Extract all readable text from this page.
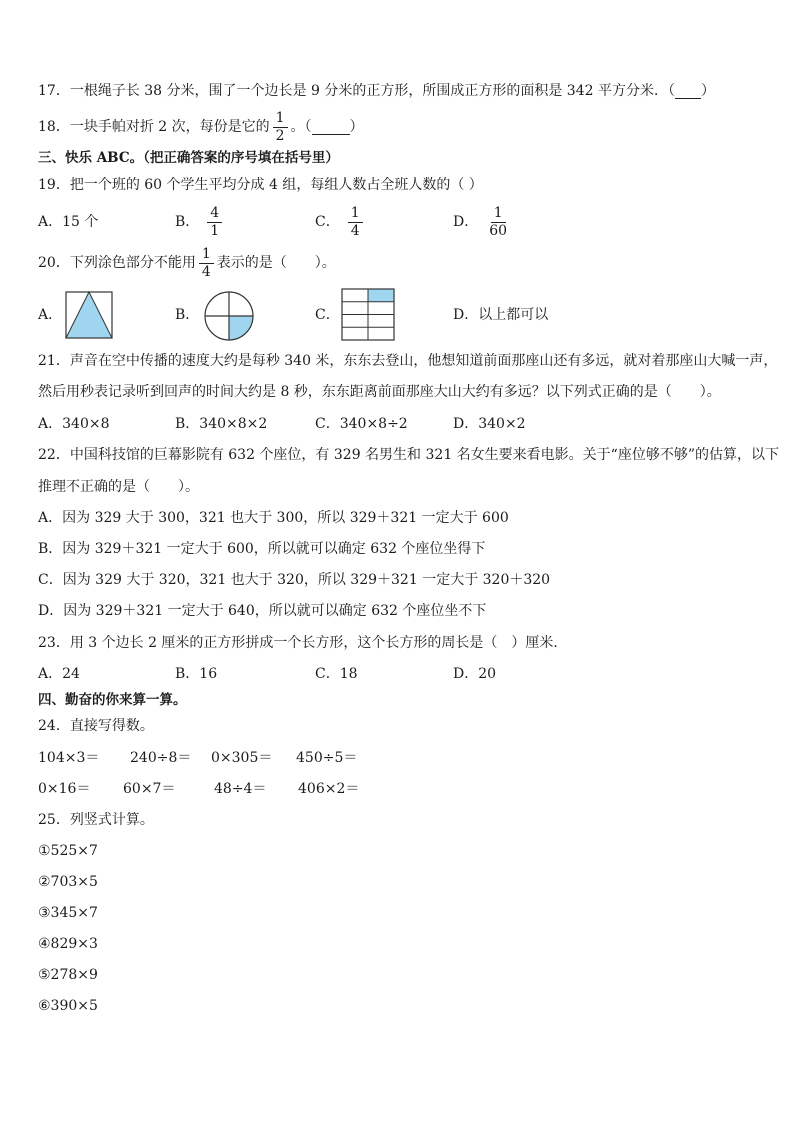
17．一根绳子长 38 分米，围了一个边长是 9 分米的正方形，所围成正方形的面积是 342 平方分米．（ ）
18．一块手帕对折 2 次，每份是它的 $\frac{1}{2}$ 。（	）
三、快乐 ABC。（把正确答案的序号填在括号里）
19．把一个班的 60 个学生平均分成 4 组，每组人数占全班人数的（ ）
A． 15 个	B． $\frac{4}{1}$	C． $\frac{1}{4}$	D． $\frac{1}{60}$
20．下列涂色部分不能用 $\frac{1}{4}$ 表示的是（　　）。
A．	B．	C．	D． 以上都可以
21．声音在空中传播的速度大约是每秒 340 米，东东去登山，他想知道前面那座山还有多远，就对着那座山大喊一声，
然后用秒表记录听到回声的时间大约是 8 秒，东东距离前面那座大山大约有多远？以下列式正确的是（　　）。
A． 340×8	B． 340×8×2	C． 340×8÷2	D． 340×2
22．中国科技馆的巨幕影院有 632 个座位，有 329 名男生和 321 名女生要来看电影。关于“座位够不够”的估算，以下
推理不正确的是（　　）。
A． 因为 329 大于 300，321 也大于 300，所以 329＋321 一定大于 600
B． 因为 329＋321 一定大于 600，所以就可以确定 632 个座位坐得下
C． 因为 329 大于 320，321 也大于 320，所以 329＋321 一定大于 320＋320
D． 因为 329＋321 一定大于 640，所以就可以确定 632 个座位坐不下
23．用 3 个边长 2 厘米的正方形拼成一个长方形，这个长方形的周长是（　）厘米．
A． 24	B． 16	C． 18	D． 20
四、勤奋的你来算一算。
24．直接写得数。
104×3＝ 240÷8＝ 0×305＝ 450÷5＝
0×16＝ 60×7＝	48÷4＝ 406×2＝
25．列竖式计算。
①525×7
②703×5
③345×7
④829×3
⑤278×9
⑥390×5
